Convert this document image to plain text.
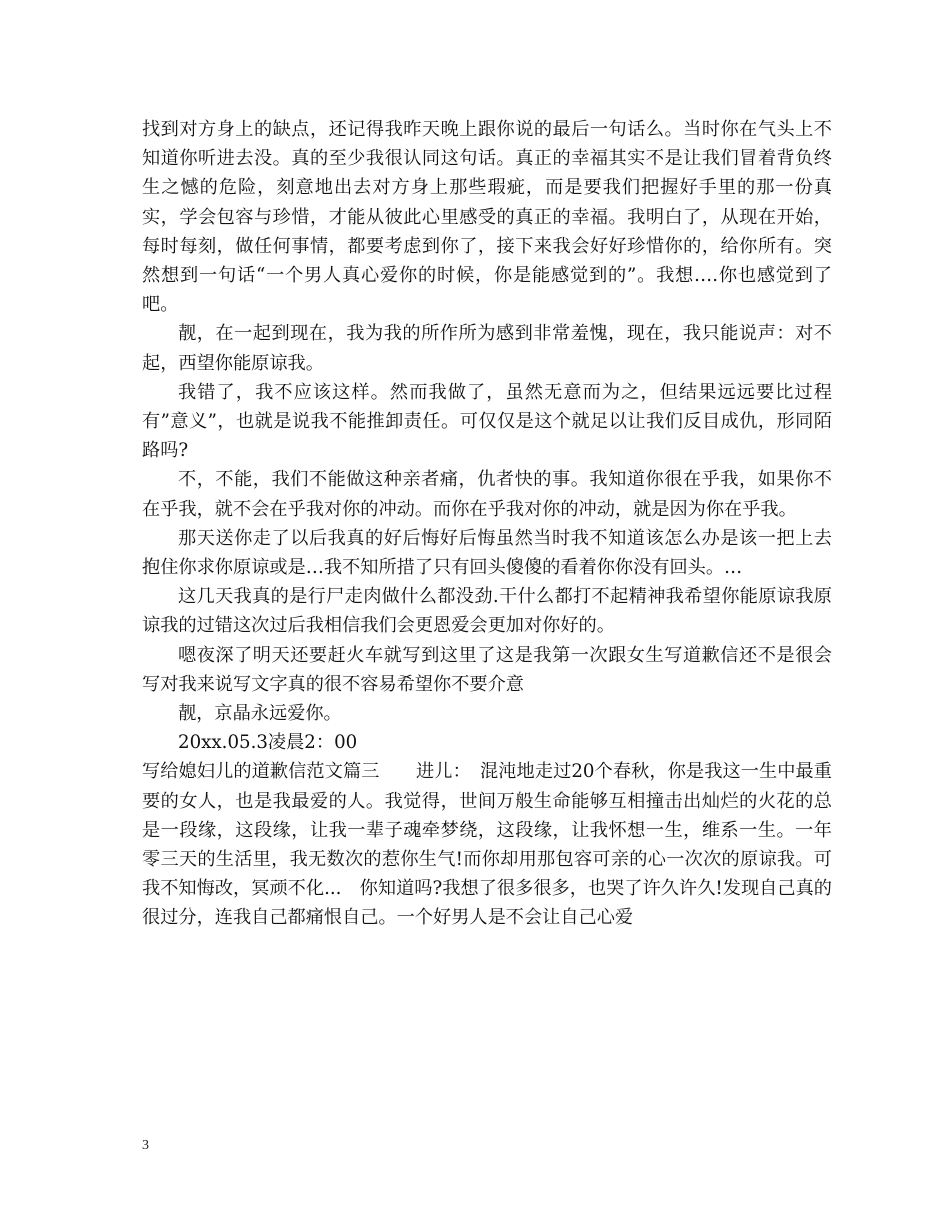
找到对方身上的缺点，还记得我昨天晚上跟你说的最后一句话么。当时你在气头上不知道你听进去没。真的至少我很认同这句话。真正的幸福其实不是让我们冒着背负终生之憾的危险，刻意地出去对方身上那些瑕疵，而是要我们把握好手里的那一份真实，学会包容与珍惜，才能从彼此心里感受的真正的幸福。我明白了，从现在开始，每时每刻，做任何事情，都要考虑到你了，接下来我会好好珍惜你的，给你所有。突然想到一句话“一个男人真心爱你的时候，你是能感觉到的”。我想….你也感觉到了吧。

靓，在一起到现在，我为我的所作所为感到非常羞愧，现在，我只能说声：对不起，西望你能原谅我。

我错了，我不应该这样。然而我做了，虽然无意而为之，但结果远远要比过程有”意义”，也就是说我不能推卸责任。可仅仅是这个就足以让我们反目成仇，形同陌路吗?

不，不能，我们不能做这种亲者痛，仇者快的事。我知道你很在乎我，如果你不在乎我，就不会在乎我对你的冲动。而你在乎我对你的冲动，就是因为你在乎我。

那天送你走了以后我真的好后悔好后悔虽然当时我不知道该怎么办是该一把上去抱住你求你原谅或是…我不知所措了只有回头傻傻的看着你你没有回头。…

这几天我真的是行尸走肉做什么都没劲.干什么都打不起精神我希望你能原谅我原谅我的过错这次过后我相信我们会更恩爱会更加对你好的。

嗯夜深了明天还要赶火车就写到这里了这是我第一次跟女生写道歉信还不是很会写对我来说写文字真的很不容易希望你不要介意

靓，京晶永远爱你。

20xx.05.3凌晨2：00

写给媳妇儿的道歉信范文篇三　　进儿：　混沌地走过20个春秋，你是我这一生中最重要的女人，也是我最爱的人。我觉得，世间万般生命能够互相撞击出灿烂的火花的总是一段缘，这段缘，让我一辈子魂牵梦绕，这段缘，让我怀想一生，维系一生。一年零三天的生活里，我无数次的惹你生气!而你却用那包容可亲的心一次次的原谅我。可我不知悔改，冥顽不化...　你知道吗?我想了很多很多，也哭了许久许久!发现自己真的很过分，连我自己都痛恨自己。一个好男人是不会让自己心爱

3
